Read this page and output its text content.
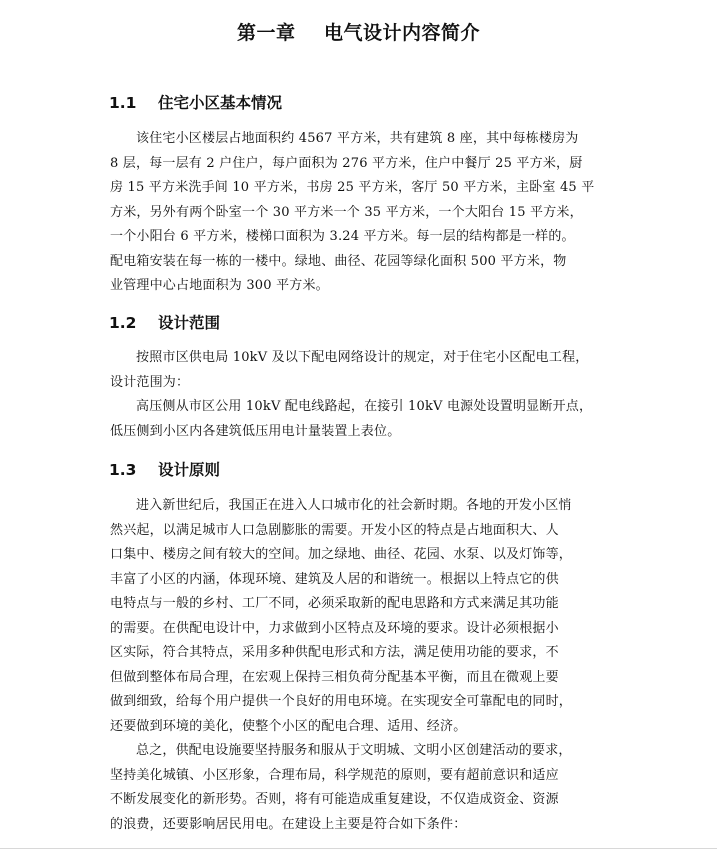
第一章    电气设计内容简介
1.1    住宅小区基本情况
该住宅小区楼层占地面积约 4567 平方米，共有建筑 8 座，其中每栋楼房为
8 层，每一层有 2 户住户，每户面积为 276 平方米，住户中餐厅 25 平方米，厨
房 15 平方米洗手间 10 平方米，书房 25 平方米，客厅 50 平方米，主卧室 45 平
方米，另外有两个卧室一个 30 平方米一个 35 平方米，一个大阳台 15 平方米，
一个小阳台 6 平方米，楼梯口面积为 3.24 平方米。每一层的结构都是一样的。
配电箱安装在每一栋的一楼中。绿地、曲径、花园等绿化面积 500 平方米，物
业管理中心占地面积为 300 平方米。
1.2    设计范围
按照市区供电局 10kV 及以下配电网络设计的规定，对于住宅小区配电工程，
设计范围为：
高压侧从市区公用 10kV 配电线路起，在接引 10kV 电源处设置明显断开点，
低压侧到小区内各建筑低压用电计量装置上表位。
1.3    设计原则
进入新世纪后，我国正在进入人口城市化的社会新时期。各地的开发小区悄
然兴起，以满足城市人口急剧膨胀的需要。开发小区的特点是占地面积大、人
口集中、楼房之间有较大的空间。加之绿地、曲径、花园、水泵、以及灯饰等，
丰富了小区的内涵，体现环境、建筑及人居的和谐统一。根据以上特点它的供
电特点与一般的乡村、工厂不同，必须采取新的配电思路和方式来满足其功能
的需要。在供配电设计中，力求做到小区特点及环境的要求。设计必须根据小
区实际，符合其特点，采用多种供配电形式和方法，满足使用功能的要求，不
但做到整体布局合理，在宏观上保持三相负荷分配基本平衡，而且在微观上要
做到细致，给每个用户提供一个良好的用电环境。在实现安全可靠配电的同时，
还要做到环境的美化，使整个小区的配电合理、适用、经济。
总之，供配电设施要坚持服务和服从于文明城、文明小区创建活动的要求，
坚持美化城镇、小区形象，合理布局，科学规范的原则，要有超前意识和适应
不断发展变化的新形势。否则，将有可能造成重复建设，不仅造成资金、资源
的浪费，还要影响居民用电。在建设上主要是符合如下条件：
